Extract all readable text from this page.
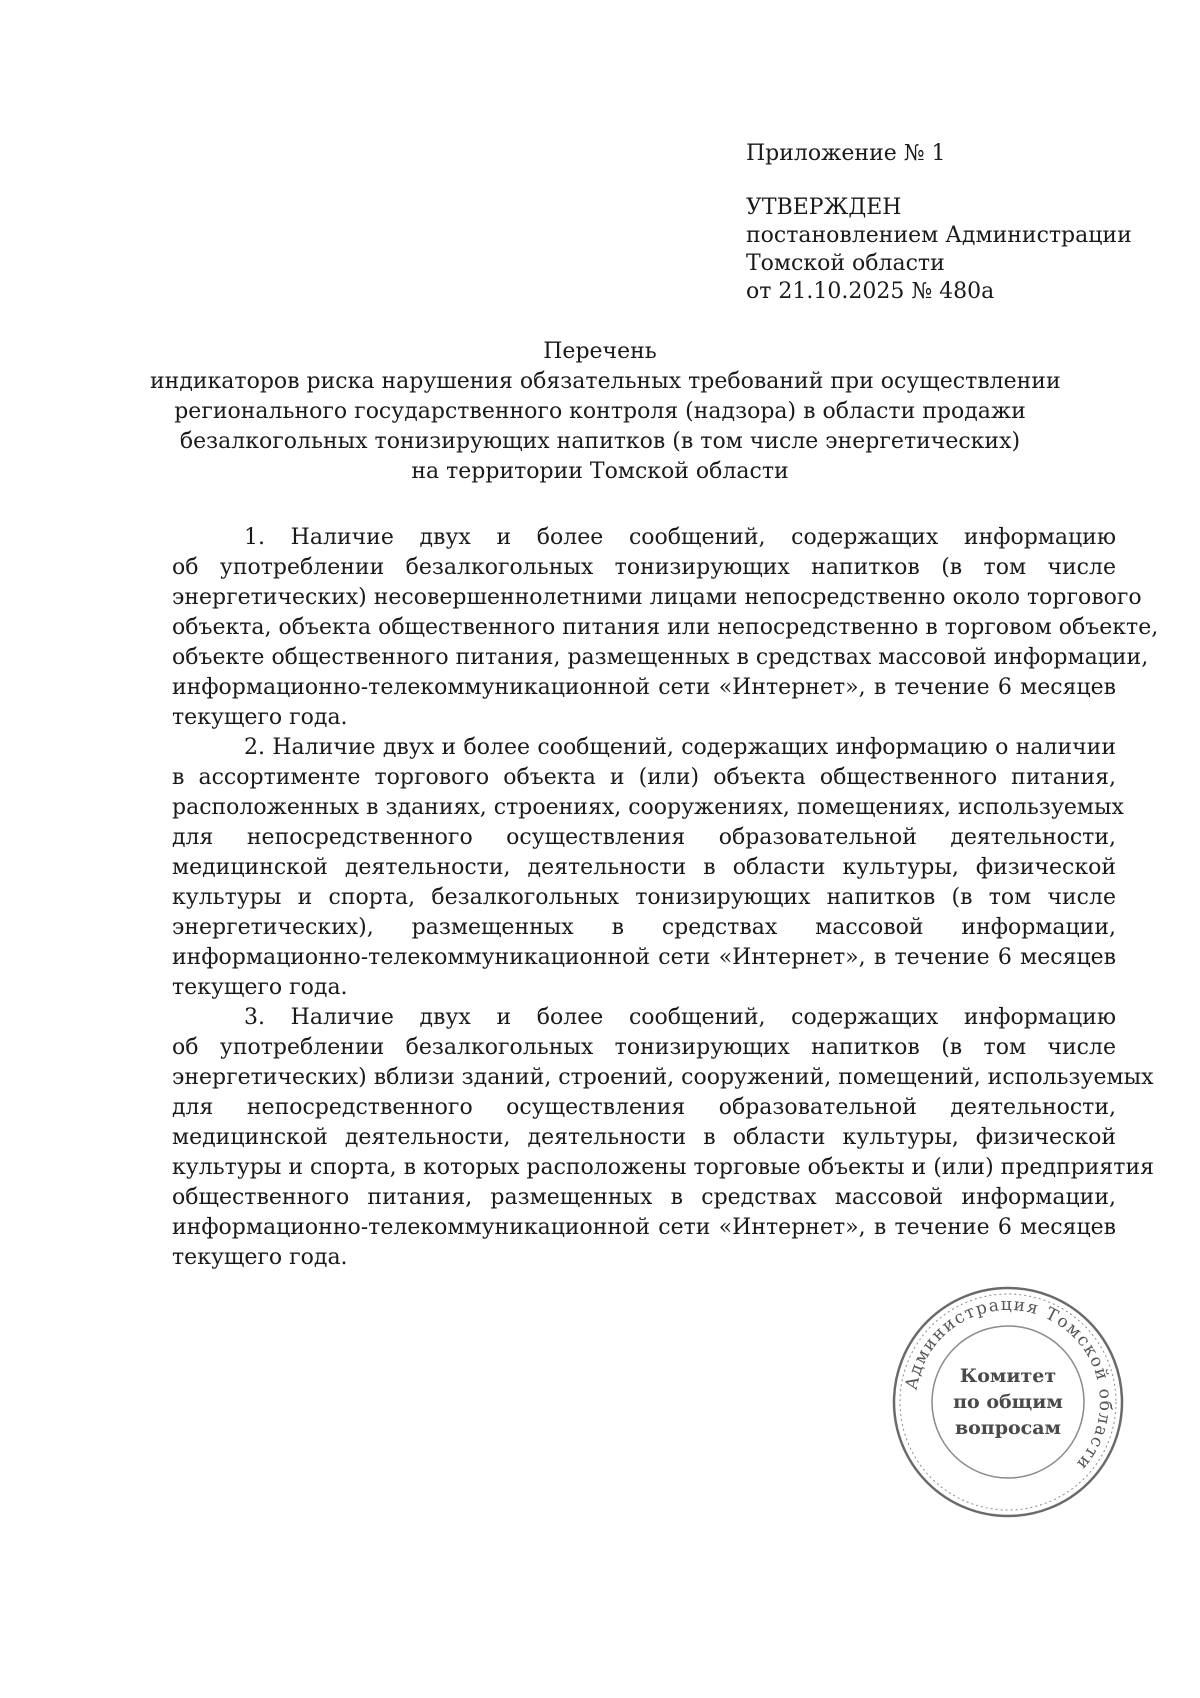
Приложение № 1
УТВЕРЖДЕН
постановлением Администрации
Томской области
от 21.10.2025 № 480а
Перечень
индикаторов риска нарушения обязательных требований при осуществлении
регионального государственного контроля (надзора) в области продажи
безалкогольных тонизирующих напитков (в том числе энергетических)
на территории Томской области
1. Наличие двух и более сообщений, содержащих информацию
об употреблении безалкогольных тонизирующих напитков (в том числе
энергетических) несовершеннолетними лицами непосредственно около торгового
объекта, объекта общественного питания или непосредственно в торговом объекте,
объекте общественного питания, размещенных в средствах массовой информации,
информационно-телекоммуникационной сети «Интернет», в течение 6 месяцев
текущего года.
2. Наличие двух и более сообщений, содержащих информацию о наличии
в ассортименте торгового объекта и (или) объекта общественного питания,
расположенных в зданиях, строениях, сооружениях, помещениях, используемых
для непосредственного осуществления образовательной деятельности,
медицинской деятельности, деятельности в области культуры, физической
культуры и спорта, безалкогольных тонизирующих напитков (в том числе
энергетических), размещенных в средствах массовой информации,
информационно-телекоммуникационной сети «Интернет», в течение 6 месяцев
текущего года.
3. Наличие двух и более сообщений, содержащих информацию
об употреблении безалкогольных тонизирующих напитков (в том числе
энергетических) вблизи зданий, строений, сооружений, помещений, используемых
для непосредственного осуществления образовательной деятельности,
медицинской деятельности, деятельности в области культуры, физической
культуры и спорта, в которых расположены торговые объекты и (или) предприятия
общественного питания, размещенных в средствах массовой информации,
информационно-телекоммуникационной сети «Интернет», в течение 6 месяцев
текущего года.
Администрация Томской области
Комитет
по общим
вопросам
